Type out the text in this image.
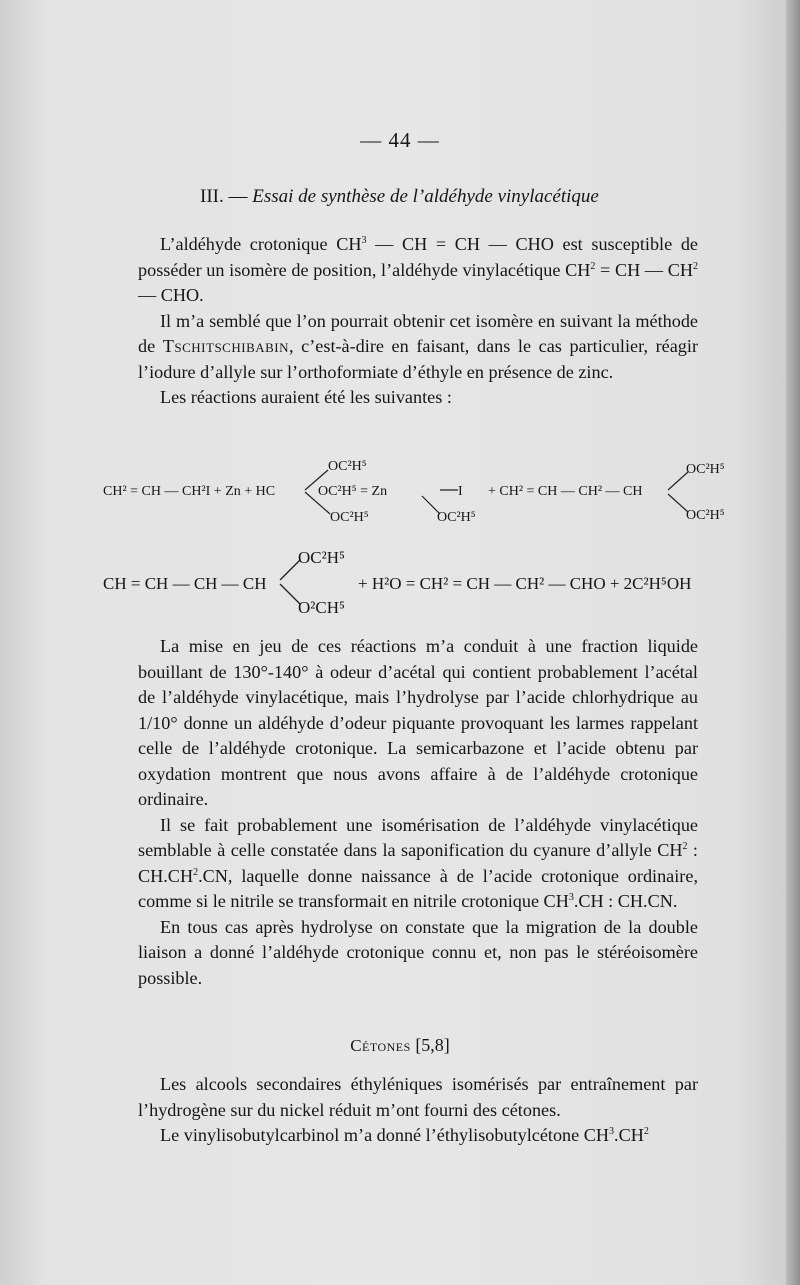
— 44 —
III. — Essai de synthèse de l’aldéhyde vinylacétique

L’aldéhyde crotonique $CH^3$ — CH = CH — CHO est susceptible de posséder un isomère de position, l’aldéhyde vinylacétique $CH^2$ = CH — $CH^2$ — CHO.

Il m’a semblé que l’on pourrait obtenir cet isomère en suivant la méthode de Tschitschibabin, c’est-à-dire en faisant, dans le cas particulier, réagir l’iodure d’allyle sur l’orthoformiate d’éthyle en présence de zinc.

Les réactions auraient été les suivantes :

CH² = CH — CH²I + Zn + HC
OC²H⁵
OC²H⁵ = Zn	I
OC²H⁵	OC²H⁵
+ CH² = CH — CH² — CH
OC²H⁵
OC²H⁵
CH = CH — CH — CH
OC²H⁵
O²CH⁵
+ H²O = CH² = CH — CH² — CHO + 2C²H⁵OH

La mise en jeu de ces réactions m’a conduit à une fraction liquide bouillant de 130°-140° à odeur d’acétal qui contient probablement l’acétal de l’aldéhyde vinylacétique, mais l’hydrolyse par l’acide chlorhydrique au 1/10° donne un aldéhyde d’odeur piquante provoquant les larmes rappelant celle de l’aldéhyde crotonique. La semicarbazone et l’acide obtenu par oxydation montrent que nous avons affaire à de l’aldéhyde crotonique ordinaire.

Il se fait probablement une isomérisation de l’aldéhyde vinylacétique semblable à celle constatée dans la saponification du cyanure d’allyle $CH^2$ : $CH.CH^2.CN$, laquelle donne naissance à de l’acide crotonique ordinaire, comme si le nitrile se transformait en nitrile crotonique $CH^3.CH$ : CH.CN.

En tous cas après hydrolyse on constate que la migration de la double liaison a donné l’aldéhyde crotonique connu et, non pas le stéréoisomère possible.

Cétones [5,8]

Les alcools secondaires éthyléniques isomérisés par entraînement par l’hydrogène sur du nickel réduit m’ont fourni des cétones.

Le vinylisobutylcarbinol m’a donné l’éthylisobutylcétone $CH^3.CH^2$
